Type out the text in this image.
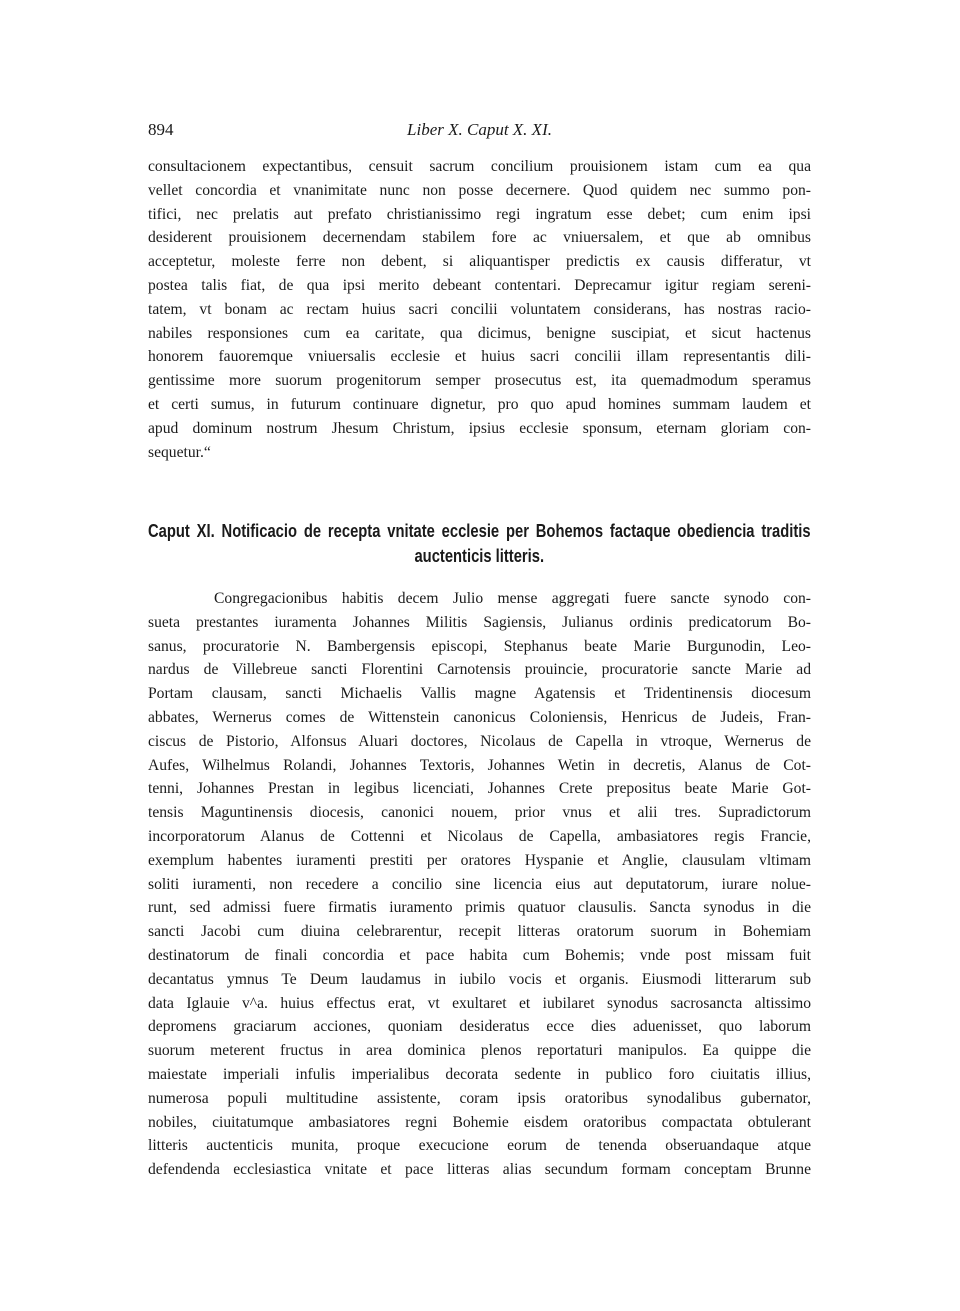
894	Liber X. Caput X. XI.
consultacionem expectantibus, censuit sacrum concilium prouisionem istam cum ea qua
vellet concordia et vnanimitate nunc non posse decernere. Quod quidem nec summo pon-
tifici, nec prelatis aut prefato christianissimo regi ingratum esse debet; cum enim ipsi
desiderent prouisionem decernendam stabilem fore ac vniuersalem, et que ab omnibus
acceptetur, moleste ferre non debent, si aliquantisper predictis ex causis differatur, vt
postea talis fiat, de qua ipsi merito debeant contentari. Deprecamur igitur regiam sereni-
tatem, vt bonam ac rectam huius sacri concilii voluntatem considerans, has nostras racio-
nabiles responsiones cum ea caritate, qua dicimus, benigne suscipiat, et sicut hactenus
honorem fauoremque vniuersalis ecclesie et huius sacri concilii illam representantis dili-
gentissime more suorum progenitorum semper prosecutus est, ita quemadmodum speramus
et certi sumus, in futurum continuare dignetur, pro quo apud homines summam laudem et
apud dominum nostrum Jhesum Christum, ipsius ecclesie sponsum, eternam gloriam con-
sequetur.“
Caput XI. Notificacio de recepta vnitate ecclesie per Bohemos factaque obediencia traditis
auctenticis litteris.
Congregacionibus habitis decem Julio mense aggregati fuere sancte synodo con-
sueta prestantes iuramenta Johannes Militis Sagiensis, Julianus ordinis predicatorum Bo-
sanus, procuratorie N. Bambergensis episcopi, Stephanus beate Marie Burgunodin, Leo-
nardus de Villebreue sancti Florentini Carnotensis prouincie, procuratorie sancte Marie ad
Portam clausam, sancti Michaelis Vallis magne Agatensis et Tridentinensis diocesum
abbates, Wernerus comes de Wittenstein canonicus Coloniensis, Henricus de Judeis, Fran-
ciscus de Pistorio, Alfonsus Aluari doctores, Nicolaus de Capella in vtroque, Wernerus de
Aufes, Wilhelmus Rolandi, Johannes Textoris, Johannes Wetin in decretis, Alanus de Cot-
tenni, Johannes Prestan in legibus licenciati, Johannes Crete prepositus beate Marie Got-
tensis Maguntinensis diocesis, canonici nouem, prior vnus et alii tres. Supradictorum
incorporatorum Alanus de Cottenni et Nicolaus de Capella, ambasiatores regis Francie,
exemplum habentes iuramenti prestiti per oratores Hyspanie et Anglie, clausulam vltimam
soliti iuramenti, non recedere a concilio sine licencia eius aut deputatorum, iurare nolue-
runt, sed admissi fuere firmatis iuramento primis quatuor clausulis. Sancta synodus in die
sancti Jacobi cum diuina celebrarentur, recepit litteras oratorum suorum in Bohemiam
destinatorum de finali concordia et pace habita cum Bohemis; vnde post missam fuit
decantatus ymnus Te Deum laudamus in iubilo vocis et organis. Eiusmodi litterarum sub
data Iglauie v^a. huius effectus erat, vt exultaret et iubilaret synodus sacrosancta altissimo
depromens graciarum acciones, quoniam desideratus ecce dies aduenisset, quo laborum
suorum meterent fructus in area dominica plenos reportaturi manipulos. Ea quippe die
maiestate imperiali infulis imperialibus decorata sedente in publico foro ciuitatis illius,
numerosa populi multitudine assistente, coram ipsis oratoribus synodalibus gubernator,
nobiles, ciuitatumque ambasiatores regni Bohemie eisdem oratoribus compactata obtulerant
litteris auctenticis munita, proque execucione eorum de tenenda obseruandaque atque
defendenda ecclesiastica vnitate et pace litteras alias secundum formam conceptam Brunne
